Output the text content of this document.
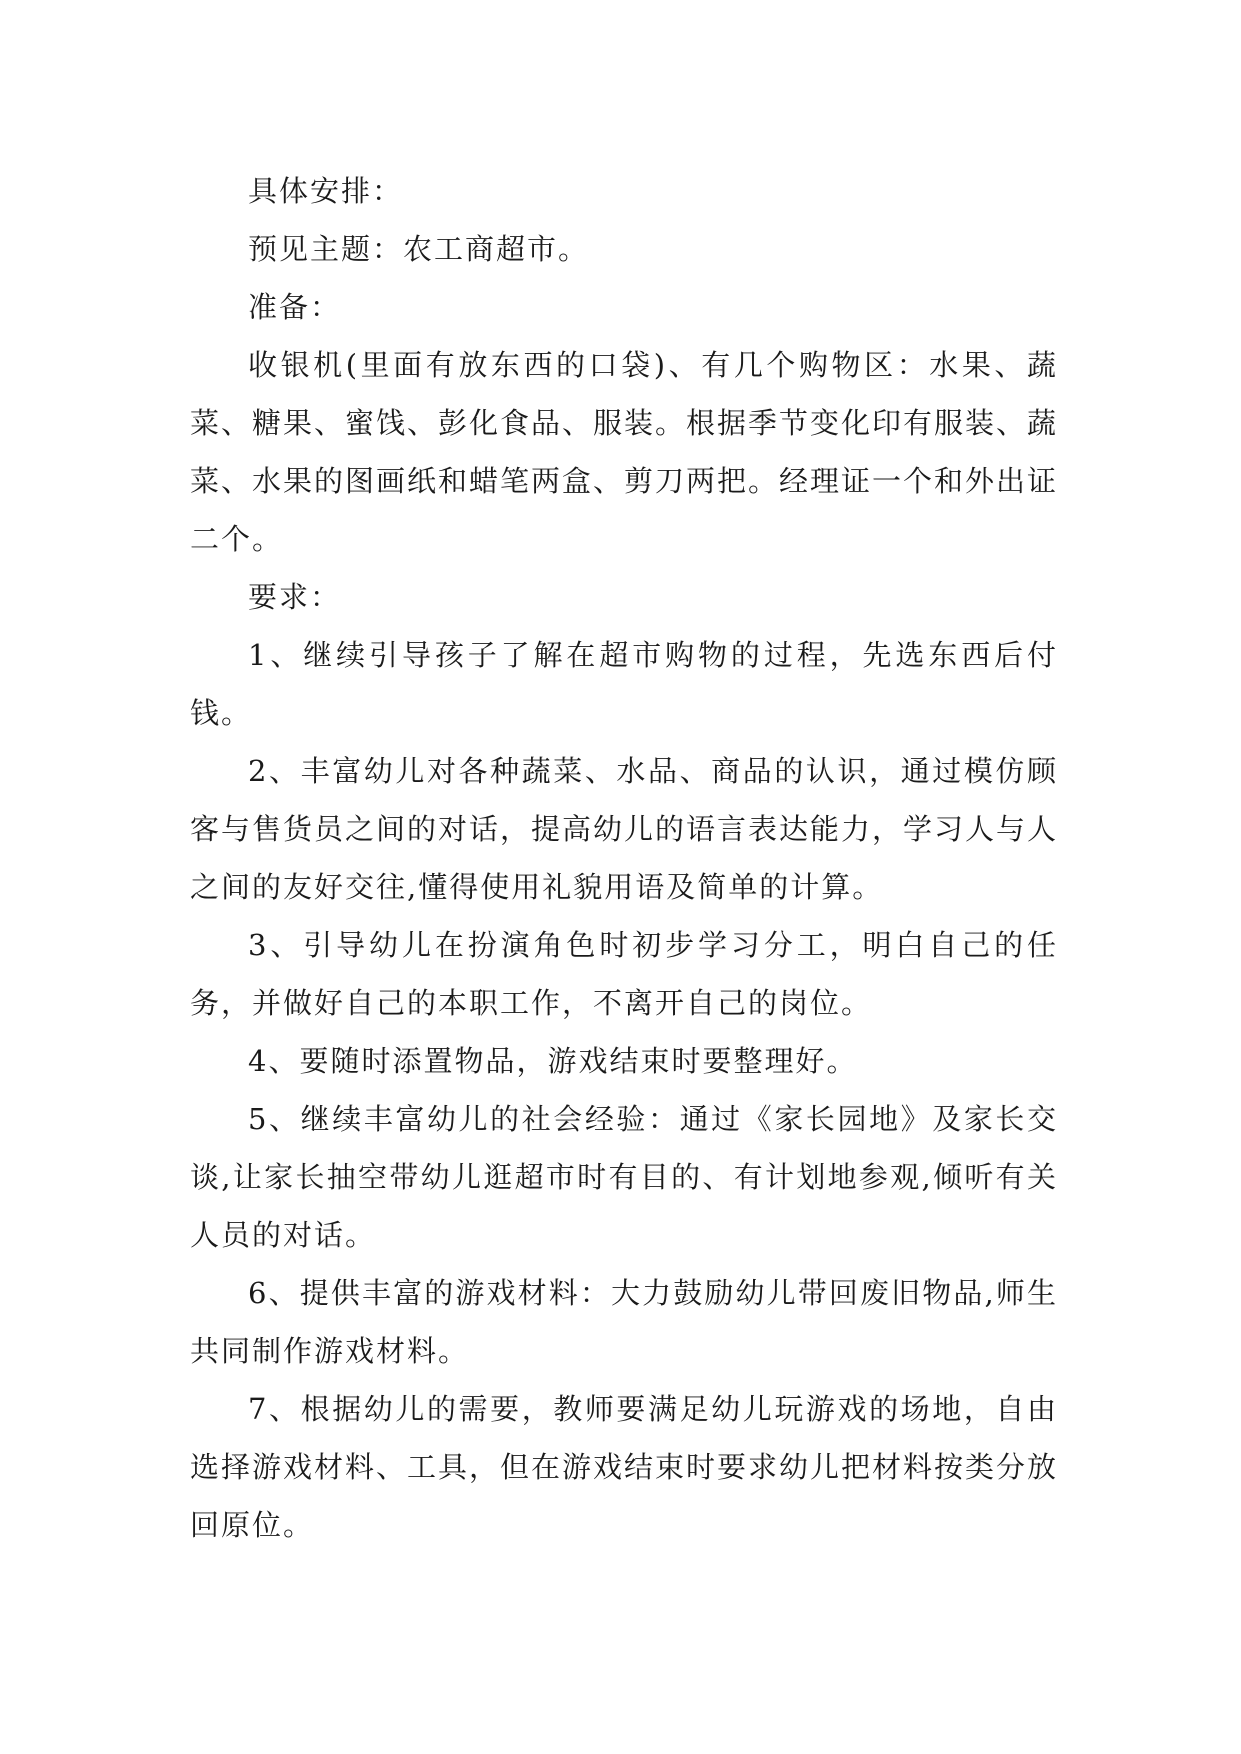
具体安排：

预见主题：农工商超市。

准备：

收银机(里面有放东西的口袋)、有几个购物区：水果、蔬菜、糖果、蜜饯、彭化食品、服装。根据季节变化印有服装、蔬菜、水果的图画纸和蜡笔两盒、剪刀两把。经理证一个和外出证二个。

要求：

1、继续引导孩子了解在超市购物的过程，先选东西后付钱。

2、丰富幼儿对各种蔬菜、水品、商品的认识，通过模仿顾客与售货员之间的对话，提高幼儿的语言表达能力，学习人与人之间的友好交往,懂得使用礼貌用语及简单的计算。

3、引导幼儿在扮演角色时初步学习分工，明白自己的任务，并做好自己的本职工作，不离开自己的岗位。

4、要随时添置物品，游戏结束时要整理好。

5、继续丰富幼儿的社会经验：通过《家长园地》及家长交谈,让家长抽空带幼儿逛超市时有目的、有计划地参观,倾听有关人员的对话。

6、提供丰富的游戏材料：大力鼓励幼儿带回废旧物品,师生共同制作游戏材料。

7、根据幼儿的需要，教师要满足幼儿玩游戏的场地，自由选择游戏材料、工具，但在游戏结束时要求幼儿把材料按类分放回原位。
